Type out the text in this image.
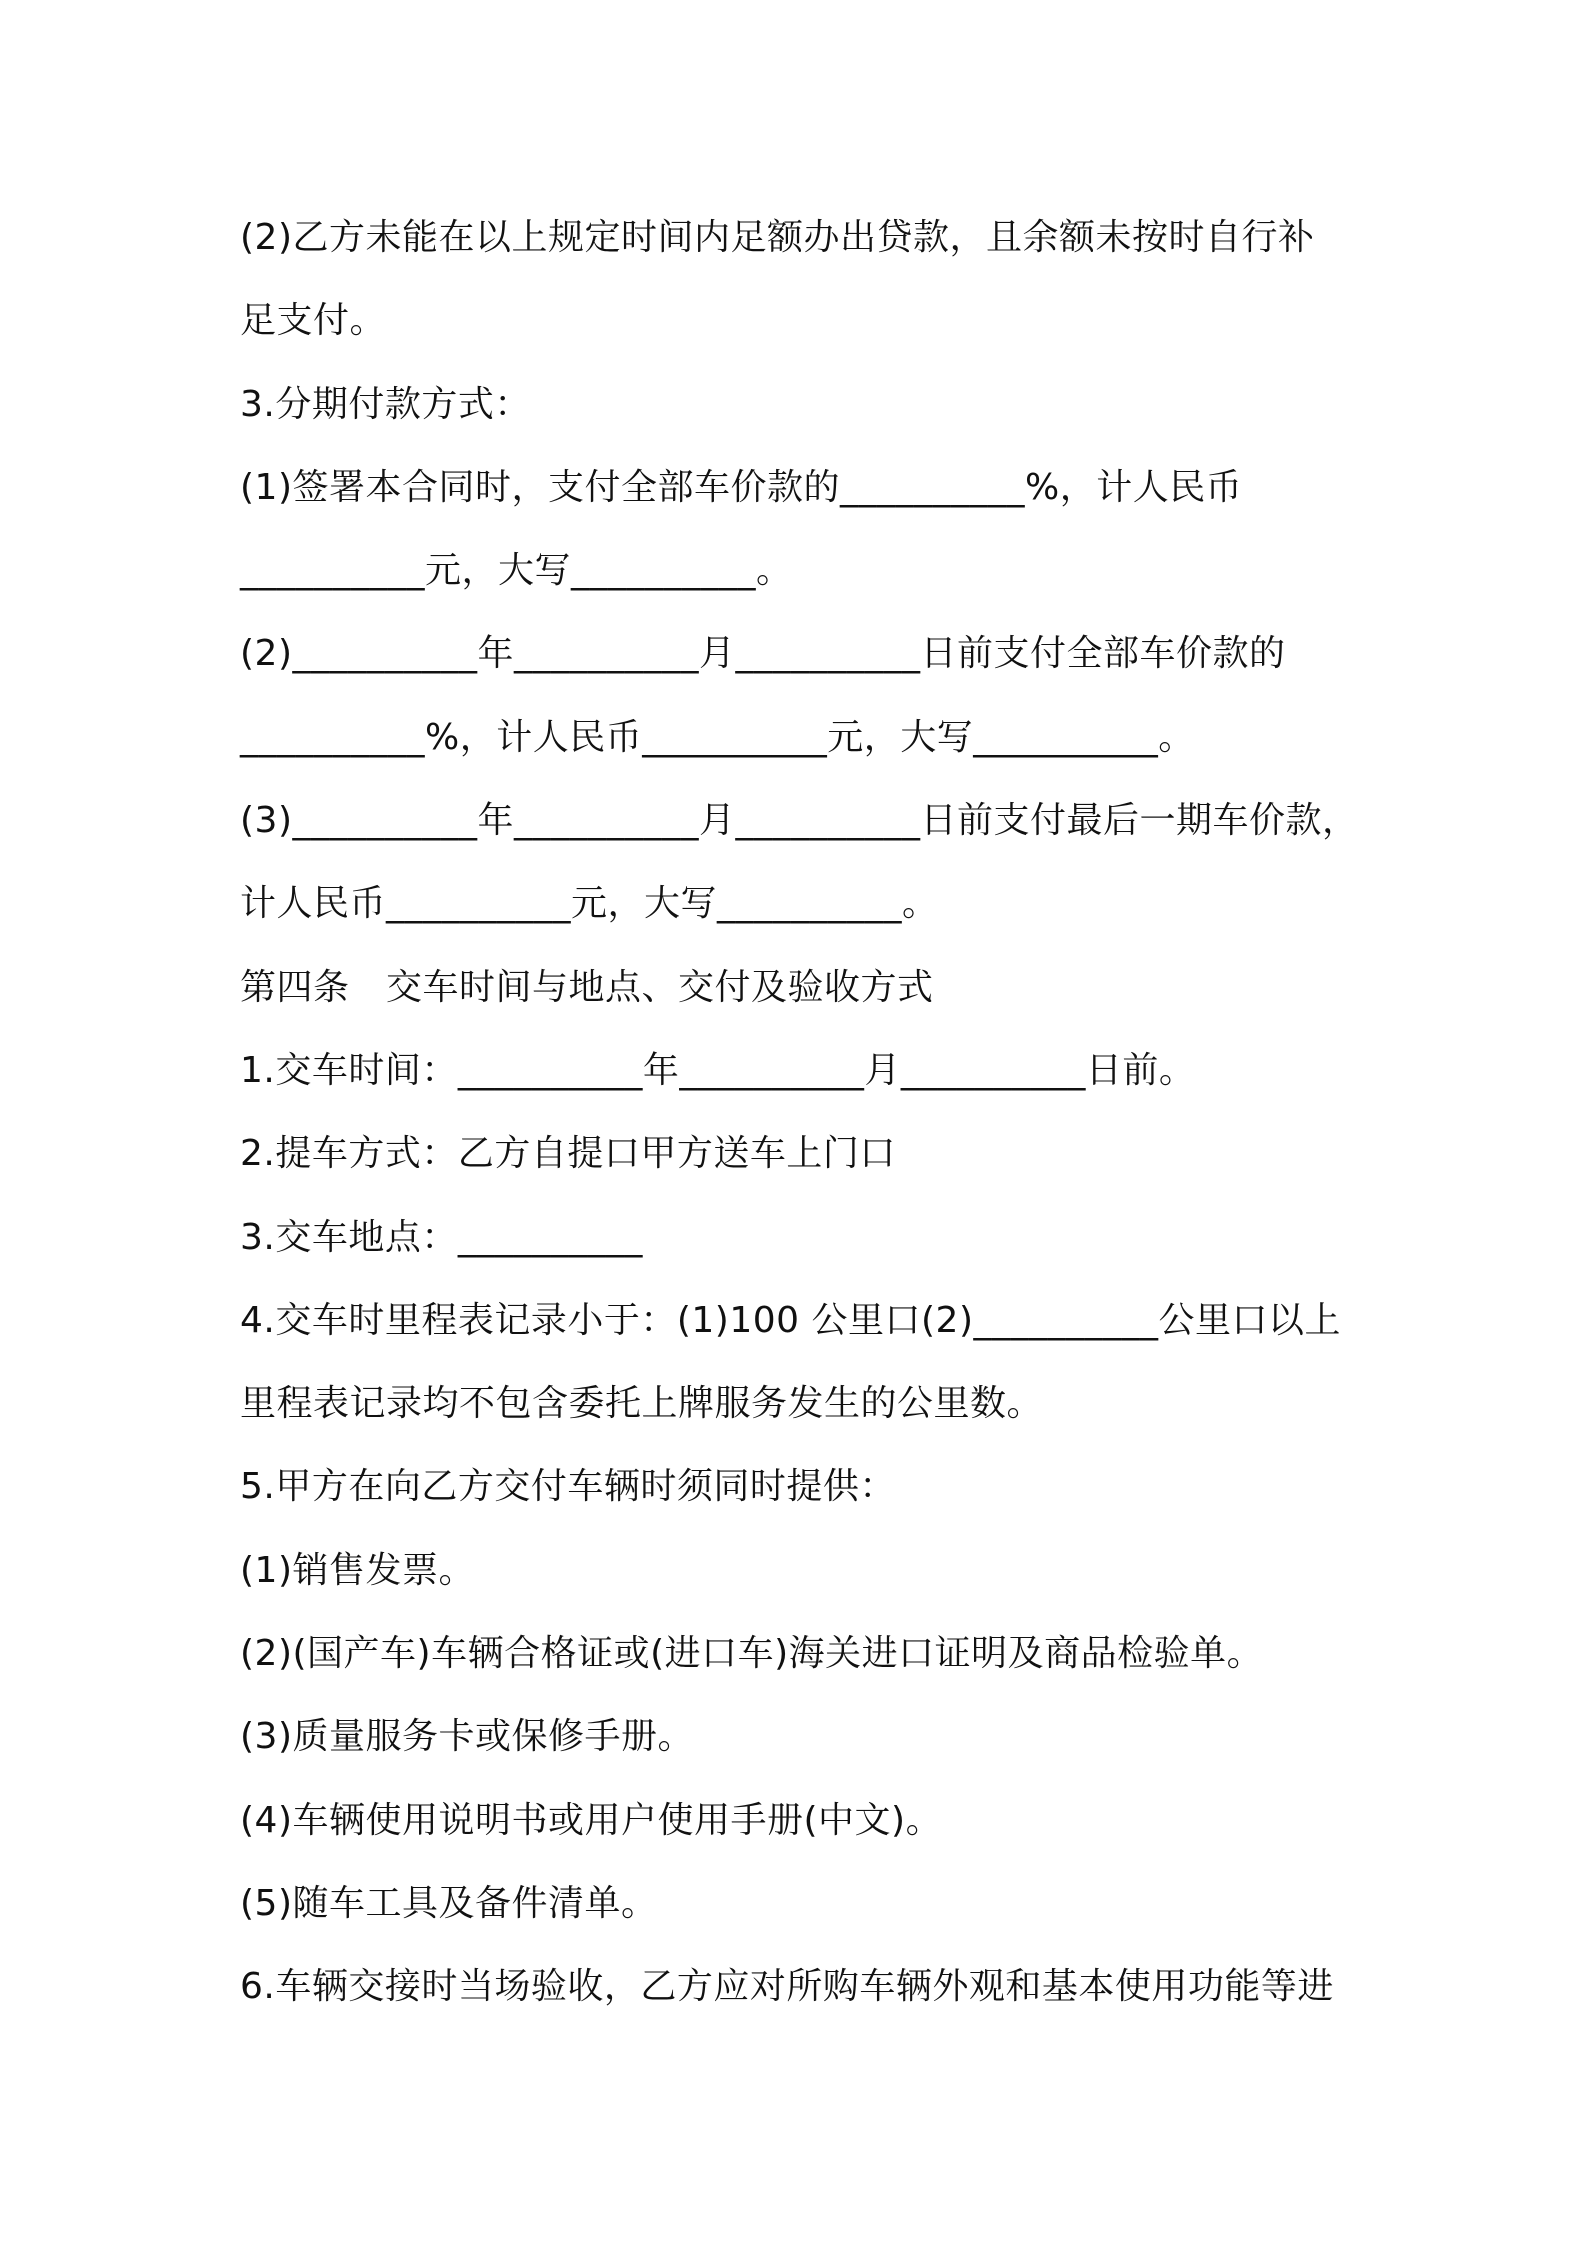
(2)乙方未能在以上规定时间内足额办出贷款，且余额未按时自行补
足支付。
3.分期付款方式：
(1)签署本合同时，支付全部车价款的__________%，计人民币
__________元，大写__________。
(2)__________年__________月__________日前支付全部车价款的
__________%，计人民币__________元，大写__________。
(3)__________年__________月__________日前支付最后一期车价款，
计人民币__________元，大写__________。
第四条　交车时间与地点、交付及验收方式
1.交车时间：__________年__________月__________日前。
2.提车方式：乙方自提口甲方送车上门口
3.交车地点：__________
4.交车时里程表记录小于：(1)100 公里口(2)__________公里口以上
里程表记录均不包含委托上牌服务发生的公里数。
5.甲方在向乙方交付车辆时须同时提供：
(1)销售发票。
(2)(国产车)车辆合格证或(进口车)海关进口证明及商品检验单。
(3)质量服务卡或保修手册。
(4)车辆使用说明书或用户使用手册(中文)。
(5)随车工具及备件清单。
6.车辆交接时当场验收，乙方应对所购车辆外观和基本使用功能等进
